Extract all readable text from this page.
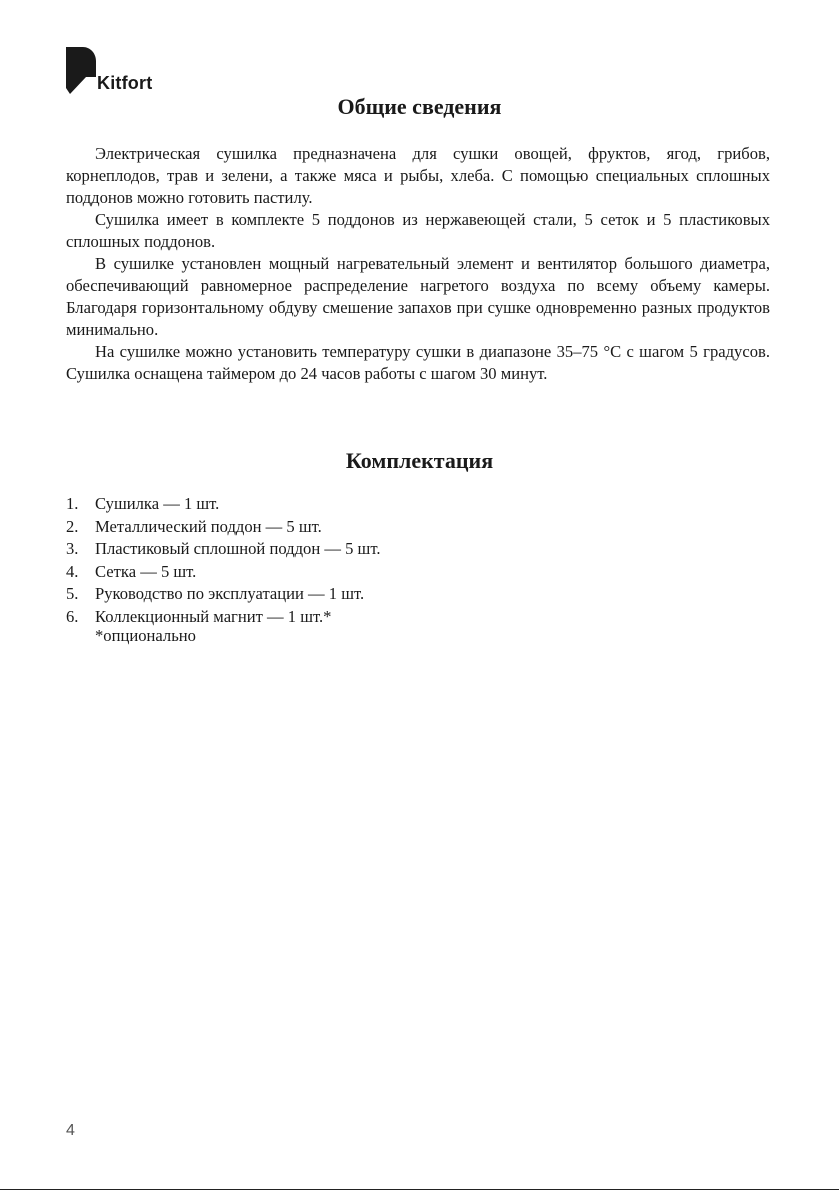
Kitfort
Общие сведения

Электрическая сушилка предназначена для сушки овощей, фруктов, ягод, грибов, корнеплодов, трав и зелени, а также мяса и рыбы, хлеба. С помощью специальных сплошных поддонов можно готовить пастилу.

Сушилка имеет в комплекте 5 поддонов из нержавеющей стали, 5 сеток и 5 пластиковых сплошных поддонов.

В сушилке установлен мощный нагревательный элемент и вентилятор большого диаметра, обеспечивающий равномерное распределение нагретого воздуха по всему объему камеры. Благодаря горизонтальному обдуву смешение запахов при сушке одновременно разных продуктов минимально.

На сушилке можно установить температуру сушки в диапазоне 35–75 °C с шагом 5 градусов. Сушилка оснащена таймером до 24 часов работы с шагом 30 минут.

Комплектация
1. Сушилка — 1 шт.
2. Металлический поддон — 5 шт.
3. Пластиковый сплошной поддон — 5 шт.
4. Сетка — 5 шт.
5. Руководство по эксплуатации — 1 шт.
6. Коллекционный магнит — 1 шт.*
*опционально
4
